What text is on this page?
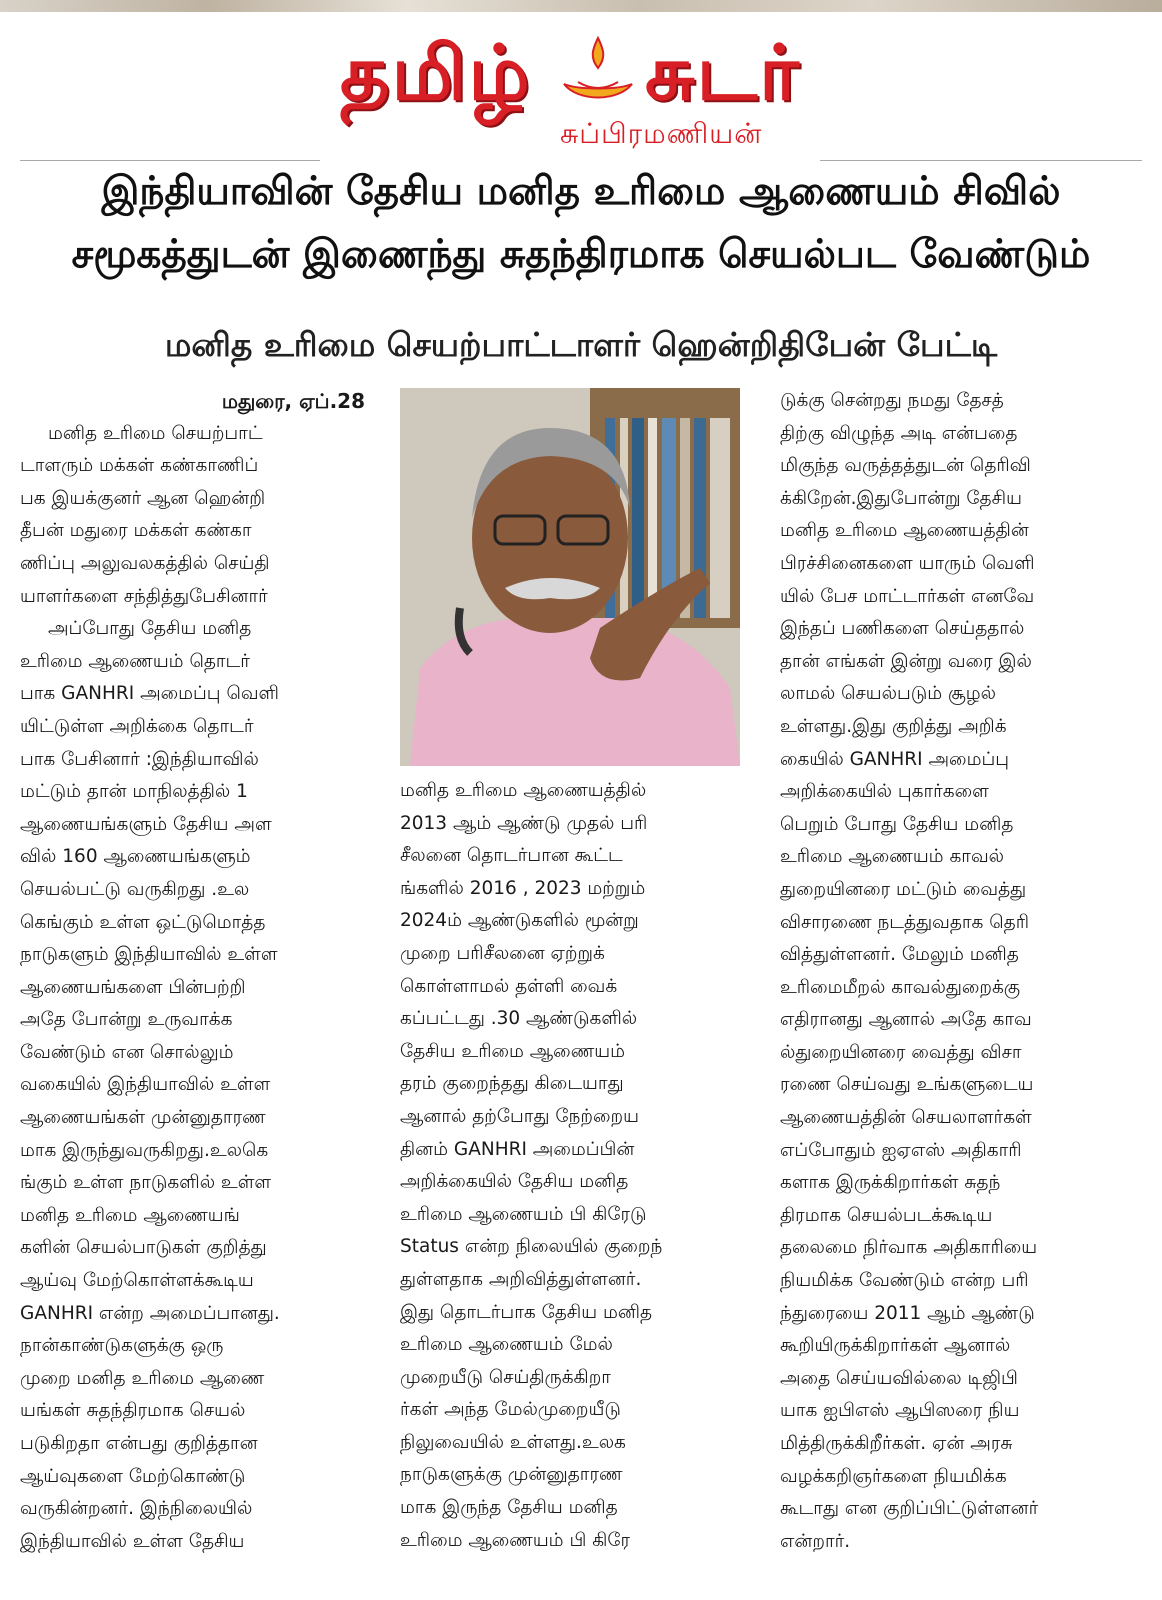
தமிழ் சுடர்
சுப்பிரமணியன்
இந்தியாவின் தேசிய மனித உரிமை ஆணையம் சிவில்
சமூகத்துடன் இணைந்து சுதந்திரமாக செயல்பட வேண்டும்
மனித உரிமை செயற்பாட்டாளர் ஹென்றிதிபேன் பேட்டி
மதுரை, ஏப்.28
மனித உரிமை செயற்பாட்
டாளரும் மக்கள் கண்காணிப்
பக இயக்குனர் ஆன ஹென்றி
தீபன் மதுரை மக்கள் கண்கா
ணிப்பு அலுவலகத்தில் செய்தி
யாளர்களை சந்தித்துபேசினார்
அப்போது தேசிய மனித
உரிமை ஆணையம் தொடர்
பாக GANHRI அமைப்பு வெளி
யிட்டுள்ள அறிக்கை தொடர்
பாக பேசினார் :இந்தியாவில்
மட்டும் தான் மாநிலத்தில் 1
ஆணையங்களும் தேசிய அள
வில் 160 ஆணையங்களும்
செயல்பட்டு வருகிறது .உல
கெங்கும் உள்ள ஒட்டுமொத்த
நாடுகளும் இந்தியாவில் உள்ள
ஆணையங்களை பின்பற்றி
அதே போன்று உருவாக்க
வேண்டும் என சொல்லும்
வகையில் இந்தியாவில் உள்ள
ஆணையங்கள் முன்னுதாரண
மாக இருந்துவருகிறது.உலகெ
ங்கும் உள்ள நாடுகளில் உள்ள
மனித உரிமை ஆணையங்
களின் செயல்பாடுகள் குறித்து
ஆய்வு மேற்கொள்ளக்கூடிய
GANHRI என்ற அமைப்பானது.
நான்காண்டுகளுக்கு ஒரு
முறை மனித உரிமை ஆணை
யங்கள் சுதந்திரமாக செயல்
படுகிறதா என்பது குறித்தான
ஆய்வுகளை மேற்கொண்டு
வருகின்றனர். இந்நிலையில்
இந்தியாவில் உள்ள தேசிய
மனித உரிமை ஆணையத்தில்
2013 ஆம் ஆண்டு முதல் பரி
சீலனை தொடர்பான கூட்ட
ங்களில் 2016 , 2023 மற்றும்
2024ம் ஆண்டுகளில் மூன்று
முறை பரிசீலனை ஏற்றுக்
கொள்ளாமல் தள்ளி வைக்
கப்பட்டது .30 ஆண்டுகளில்
தேசிய உரிமை ஆணையம்
தரம் குறைந்தது கிடையாது
ஆனால் தற்போது நேற்றைய
தினம் GANHRI அமைப்பின்
அறிக்கையில் தேசிய மனித
உரிமை ஆணையம் பி கிரேடு
Status என்ற நிலையில் குறைந்
துள்ளதாக அறிவித்துள்ளனர்.
இது தொடர்பாக தேசிய மனித
உரிமை ஆணையம் மேல்
முறையீடு செய்திருக்கிறா
ர்கள் அந்த மேல்முறையீடு
நிலுவையில் உள்ளது.உலக
நாடுகளுக்கு முன்னுதாரண
மாக இருந்த தேசிய மனித
உரிமை ஆணையம் பி கிரே
டுக்கு சென்றது நமது தேசத்
திற்கு விழுந்த அடி என்பதை
மிகுந்த வருத்தத்துடன் தெரிவி
க்கிறேன்.இதுபோன்று தேசிய
மனித உரிமை ஆணையத்தின்
பிரச்சினைகளை யாரும் வெளி
யில் பேச மாட்டார்கள் எனவே
இந்தப் பணிகளை செய்ததால்
தான் எங்கள் இன்று வரை இல்
லாமல் செயல்படும் சூழல்
உள்ளது.இது குறித்து அறிக்
கையில் GANHRI அமைப்பு
அறிக்கையில் புகார்களை
பெறும் போது தேசிய மனித
உரிமை ஆணையம் காவல்
துறையினரை மட்டும் வைத்து
விசாரணை நடத்துவதாக தெரி
வித்துள்ளனர். மேலும் மனித
உரிமைமீறல் காவல்துறைக்கு
எதிரானது ஆனால் அதே காவ
ல்துறையினரை வைத்து விசா
ரணை செய்வது உங்களுடைய
ஆணையத்தின் செயலாளர்கள்
எப்போதும் ஐஏஎஸ் அதிகாரி
களாக இருக்கிறார்கள் சுதந்
திரமாக செயல்படக்கூடிய
தலைமை நிர்வாக அதிகாரியை
நியமிக்க வேண்டும் என்ற பரி
ந்துரையை 2011 ஆம் ஆண்டு
கூறியிருக்கிறார்கள் ஆனால்
அதை செய்யவில்லை டிஜிபி
யாக ஐபிஎஸ் ஆபிஸரை நிய
மித்திருக்கிறீர்கள். ஏன் அரசு
வழக்கறிஞர்களை நியமிக்க
கூடாது என குறிப்பிட்டுள்ளனர்
என்றார்.
